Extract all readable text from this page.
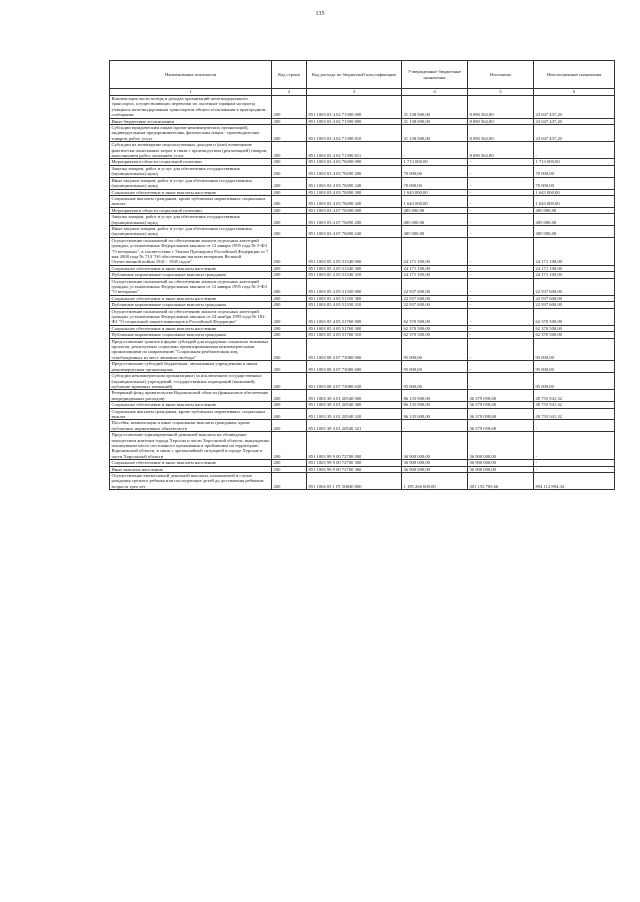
135
Наименование показателя	Код строки	Код расхода по бюджетной классификации	Утвержденные бюджетные назначения	Исполнено	Неисполненные назначения
1	2	3	4	5	6
Компенсация части потерь в доходах организаций железнодорожного транспорта, осуществляющих перевозки по льготным тарифам на проезд учащихся железнодорожным транспортом общего пользования в пригородном сообщении	200	851 1003 03 4 02 71390 000	31 138 000,00	8 090 562,80	23 047 437,20
Иные бюджетные ассигнования	200	851 1003 03 4 02 71390 800	31 138 000,00	8 090 562,80	23 047 437,20
Субсидии юридическим лицам (кроме некоммерческих организаций), индивидуальным предпринимателям, физическим лицам - производителям товаров, работ, услуг	200	851 1003 03 4 02 71390 810	31 138 000,00	8 090 562,80	23 047 437,20
Субсидии на возмещение недополученных доходов и (или) возмещение фактически понесенных затрат в связи с производством (реализацией) товаров, выполнением работ, оказанием услуг	200	851 1003 03 4 02 71390 811	-	8 090 562,80	-
Мероприятия в области социальной политики	200	851 1003 03 4 03 70490 000	1 713 000,00	-	1 713 000,00
Закупка товаров, работ и услуг для обеспечения государственных (муниципальных) нужд	200	851 1003 03 4 03 70490 200	70 000,00	-	70 000,00
Иные закупки товаров, работ и услуг для обеспечения государственных (муниципальных) нужд	200	851 1003 03 4 03 70490 240	70 000,00	-	70 000,00
Социальное обеспечение и иные выплаты населению	200	851 1003 03 4 03 70490 300	1 643 000,00	-	1 643 000,00
Социальные выплаты гражданам, кроме публичных нормативных социальных выплат	200	851 1003 03 4 03 70490 320	1 643 000,00	-	1 643 000,00
Мероприятия в области социальной политики	200	851 1003 03 4 07 70490 000	485 000,00	-	485 000,00
Закупка товаров, работ и услуг для обеспечения государственных (муниципальных) нужд	200	851 1003 03 4 07 70490 200	485 000,00	-	485 000,00
Иные закупки товаров, работ и услуг для обеспечения государственных (муниципальных) нужд	200	851 1003 03 4 07 70490 240	485 000,00	-	485 000,00
Осуществление полномочий по обеспечению жильем отдельных категорий граждан, установленных Федеральным законом от 12 января 1995 года № 5-ФЗ "О ветеранах", в соответствии с Указом Президента Российской Федерации от 7 мая 2008 года № 714 "Об обеспечении жильем ветеранов Великой Отечественной войны 1941 - 1945 годов"	200	851 1003 05 4 05 51340 000	24 171 100,00	-	24 171 100,00
Социальное обеспечение и иные выплаты населению	200	851 1003 05 4 05 51340 300	24 171 100,00	-	24 171 100,00
Публичные нормативные социальные выплаты гражданам	200	851 1003 05 4 05 51340 310	24 171 100,00	-	24 171 100,00
Осуществление полномочий по обеспечению жильем отдельных категорий граждан, установленных Федеральным законом от 12 января 1995 года № 5-ФЗ "О ветеранах"	200	851 1003 05 4 05 51350 000	22 937 600,00	-	22 937 600,00
Социальное обеспечение и иные выплаты населению	200	851 1003 05 4 05 51350 300	22 937 600,00	-	22 937 600,00
Публичные нормативные социальные выплаты гражданам	200	851 1003 05 4 05 51350 310	22 937 600,00	-	22 937 600,00
Осуществление полномочий по обеспечению жильем отдельных категорий граждан, установленных Федеральным законом от 24 ноября 1995 года № 181-ФЗ "О социальной защите инвалидов в Российской Федерации"	200	851 1003 05 4 05 51760 000	62 370 500,00	-	62 370 500,00
Социальное обеспечение и иные выплаты населению	200	851 1003 05 4 05 51760 300	62 370 500,00	-	62 370 500,00
Публичные нормативные социальные выплаты гражданам	200	851 1003 05 4 05 51760 310	62 370 500,00	-	62 370 500,00
Предоставление грантов в форме субсидий для поддержки социально значимых проектов, реализуемых социально ориентированными некоммерческими организациями по направлению "Социальная реабилитация лиц, освобожденных из мест лишения свободы"	200	851 1003 08 4 07 73080 000	95 000,00	-	95 000,00
Предоставление субсидий бюджетным, автономным учреждениям и иным некоммерческим организациям	200	851 1003 08 4 07 73080 600	95 000,00	-	95 000,00
Субсидии некоммерческим организациям (за исключением государственных (муниципальных) учреждений, государственных корпораций (компаний), публично-правовых компаний)	200	851 1003 08 4 07 73080 630	95 000,00	-	95 000,00
Резервный фонд правительства Воронежской области (финансовое обеспечение непредвиденных расходов)	200	851 1003 39 4 01 20540 000	86 135 000,00	36 379 058,68	49 755 941,32
Социальное обеспечение и иные выплаты населению	200	851 1003 39 4 01 20540 300	86 135 000,00	36 379 058,68	49 755 941,32
Социальные выплаты гражданам, кроме публичных нормативных социальных выплат	200	851 1003 39 4 01 20540 320	86 135 000,00	36 379 058,68	49 755 941,32
Пособия, компенсации и иные социальные выплаты гражданам, кроме публичных нормативных обязательств	200	851 1003 39 4 01 20540 321	-	36 379 058,68	-
Предоставление единовременной денежной выплаты на обзаведение имуществом жителям города Херсона и части Херсонской области, вынужденно покинувшим место постоянного проживания и прибывшим на территорию Воронежской области, в связи с чрезвычайной ситуацией в городе Херсоне и части Херсонской области	200	851 1003 99 9 00 72700 000	36 900 000,00	36 900 000,00	-
Социальное обеспечение и иные выплаты населению	200	851 1003 99 9 00 72700 300	36 900 000,00	36 900 000,00	-
Иные выплаты населению	200	851 1003 99 9 00 72700 360	36 900 000,00	36 900 000,00	-
Осуществление ежемесячной денежной выплаты, назначаемой в случае рождения третьего ребенка или последующих детей до достижения ребенком возраста трех лет	200	851 1004 03 1 P1 50840 000	1 195 266 600,00	301 153 705,66	894 112 894,34
